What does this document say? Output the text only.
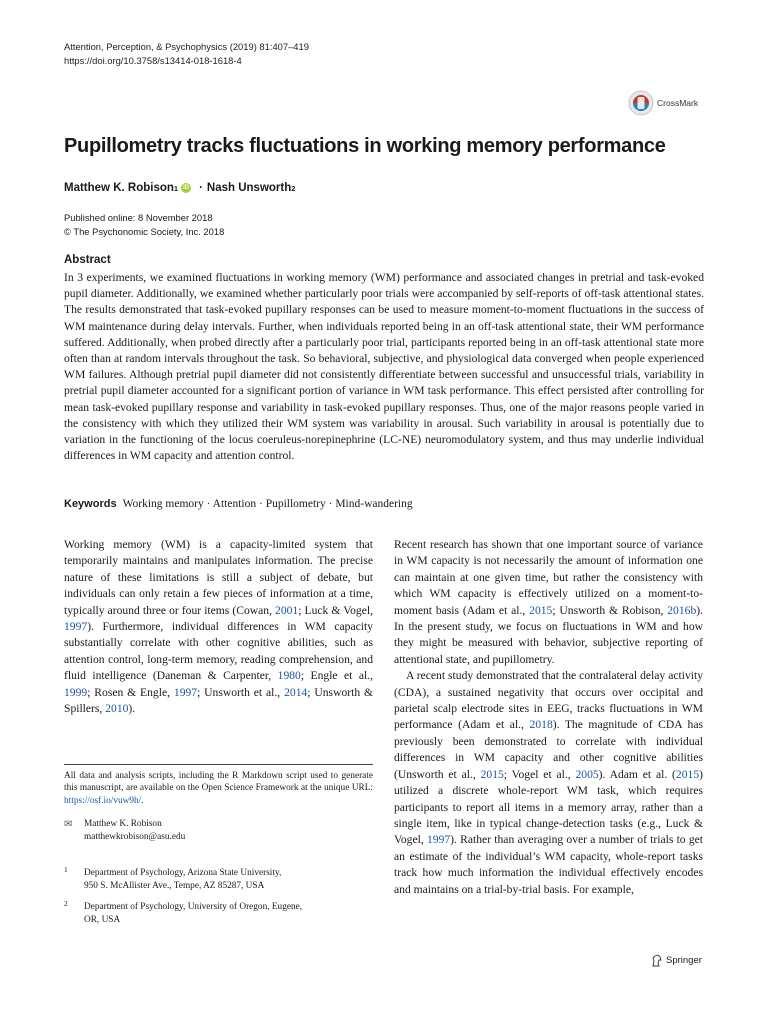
Attention, Perception, & Psychophysics (2019) 81:407–419
https://doi.org/10.3758/s13414-018-1618-4
CrossMark
Pupillometry tracks fluctuations in working memory performance
Matthew K. Robison 1 iD · Nash Unsworth 2
Published online: 8 November 2018
© The Psychonomic Society, Inc. 2018
Abstract

In 3 experiments, we examined fluctuations in working memory (WM) performance and associated changes in pretrial and task-evoked pupil diameter. Additionally, we examined whether particularly poor trials were accompanied by self-reports of off-task attentional states. The results demonstrated that task-evoked pupillary responses can be used to measure moment-to-moment fluctuations in the success of WM maintenance during delay intervals. Further, when individuals reported being in an off-task attentional state, their WM performance suffered. Additionally, when probed directly after a particularly poor trial, participants reported being in an off-task attentional state more often than at random intervals throughout the task. So behavioral, subjective, and physiological data converged when people experienced WM failures. Although pretrial pupil diameter did not consistently differentiate between successful and unsuccessful trials, variability in pretrial pupil diameter accounted for a significant portion of variance in WM task performance. This effect persisted after controlling for mean task-evoked pupillary response and variability in task-evoked pupillary responses. Thus, one of the major reasons people varied in the consistency with which they utilized their WM system was variability in arousal. Such variability in arousal is potentially due to variation in the functioning of the locus coeruleus-norepinephrine (LC-NE) neuromodulatory system, and thus may underlie individual differences in WM capacity and attention control.

Keywords Working memory · Attention · Pupillometry · Mind-wandering

Working memory (WM) is a capacity-limited system that temporarily maintains and manipulates information. The precise nature of these limitations is still a subject of debate, but individuals can only retain a few pieces of information at a time, typically around three or four items (Cowan, 2001; Luck & Vogel, 1997). Furthermore, individual differences in WM capacity substantially correlate with other cognitive abilities, such as attention control, long-term memory, reading comprehension, and fluid intelligence (Daneman & Carpenter, 1980; Engle et al., 1999; Rosen & Engle, 1997; Unsworth et al., 2014; Unsworth & Spillers, 2010).

Recent research has shown that one important source of variance in WM capacity is not necessarily the amount of information one can maintain at one given time, but rather the consistency with which WM capacity is effectively utilized on a moment-to-moment basis (Adam et al., 2015; Unsworth & Robison, 2016b). In the present study, we focus on fluctuations in WM and how they might be measured with behavior, subjective reporting of attentional state, and pupillometry.

A recent study demonstrated that the contralateral delay activity (CDA), a sustained negativity that occurs over occipital and parietal scalp electrode sites in EEG, tracks fluctuations in WM performance (Adam et al., 2018). The magnitude of CDA has previously been demonstrated to correlate with individual differences in WM capacity and other cognitive abilities (Unsworth et al., 2015; Vogel et al., 2005). Adam et al. (2015) utilized a discrete whole-report WM task, which requires participants to report all items in a memory array, rather than a single item, like in typical change-detection tasks (e.g., Luck & Vogel, 1997). Rather than averaging over a number of trials to get an estimate of the individual’s WM capacity, whole-report tasks track how much information the individual effectively encodes and maintains on a trial-by-trial basis. For example,

All data and analysis scripts, including the R Markdown script used to generate this manuscript, are available on the Open Science Framework at the unique URL: https://osf.io/vuw9h/.

✉ Matthew K. Robison
matthewkrobison@asu.edu
1 Department of Psychology, Arizona State University,
950 S. McAllister Ave., Tempe, AZ 85287, USA
2 Department of Psychology, University of Oregon, Eugene,
OR, USA
Springer
